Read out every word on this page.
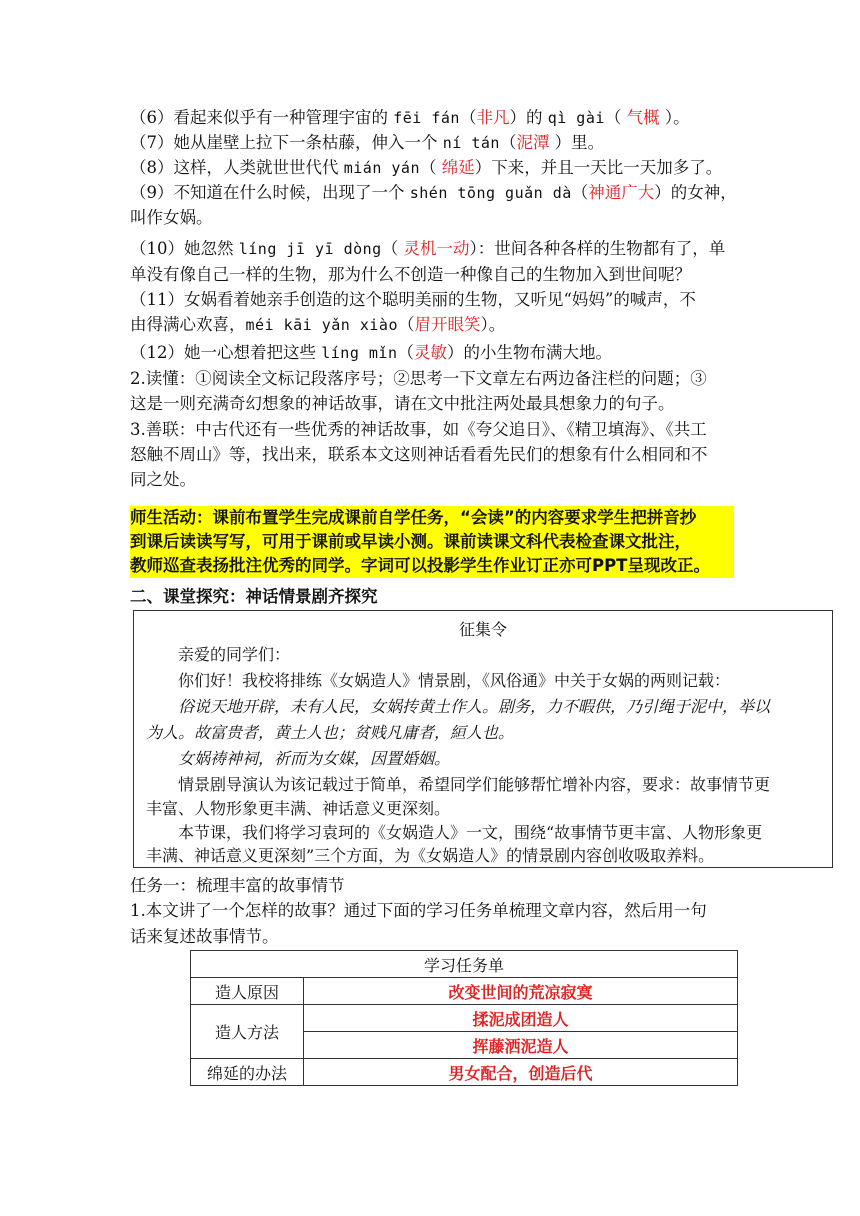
（6）看起来似乎有一种管理宇宙的 fēi fán（非凡）的 qì gài（ 气概 ）。
（7）她从崖壁上拉下一条枯藤，伸入一个 ní tán（泥潭 ）里。
（8）这样，人类就世世代代 mián yán（ 绵延）下来，并且一天比一天加多了。
（9）不知道在什么时候，出现了一个 shén tōng guǎn dà（神通广大）的女神，
叫作女娲。
（10）她忽然 líng jī yī dòng（ 灵机一动）：世间各种各样的生物都有了，单
单没有像自己一样的生物，那为什么不创造一种像自己的生物加入到世间呢？
（11）女娲看着她亲手创造的这个聪明美丽的生物，又听见“妈妈”的喊声，不
由得满心欢喜，méi kāi yǎn xiào（眉开眼笑）。
（12）她一心想着把这些 líng mǐn（灵敏）的小生物布满大地。
2.读懂：①阅读全文标记段落序号；②思考一下文章左右两边备注栏的问题；③
这是一则充满奇幻想象的神话故事，请在文中批注两处最具想象力的句子。
3.善联：中古代还有一些优秀的神话故事，如《夸父追日》、《精卫填海》、《共工
怒触不周山》等，找出来，联系本文这则神话看看先民们的想象有什么相同和不
同之处。
师生活动：课前布置学生完成课前自学任务，“会读”的内容要求学生把拼音抄
到课后读读写写，可用于课前或早读小测。课前读课文科代表检查课文批注，
教师巡查表扬批注优秀的同学。字词可以投影学生作业订正亦可PPT呈现改正。
二、课堂探究：神话情景剧齐探究
征集令
亲爱的同学们：
你们好！我校将排练《女娲造人》情景剧，《风俗通》中关于女娲的两则记载：
俗说天地开辟，未有人民，女娲抟黄土作人。剧务，力不暇供，乃引绳于泥中，举以
为人。故富贵者，黄土人也；贫贱凡庸者，絙人也。
女娲祷神祠，祈而为女媒，因置婚姻。
情景剧导演认为该记载过于简单，希望同学们能够帮忙增补内容，要求：故事情节更
丰富、人物形象更丰满、神话意义更深刻。
本节课，我们将学习袁珂的《女娲造人》一文，围绕“故事情节更丰富、人物形象更
丰满、神话意义更深刻”三个方面，为《女娲造人》的情景剧内容创收吸取养料。
任务一：梳理丰富的故事情节
1.本文讲了一个怎样的故事？通过下面的学习任务单梳理文章内容，然后用一句
话来复述故事情节。
学习任务单	
造人原因	改变世间的荒凉寂寞
造人方法	揉泥成团造人
	挥藤洒泥造人
绵延的办法	男女配合，创造后代
